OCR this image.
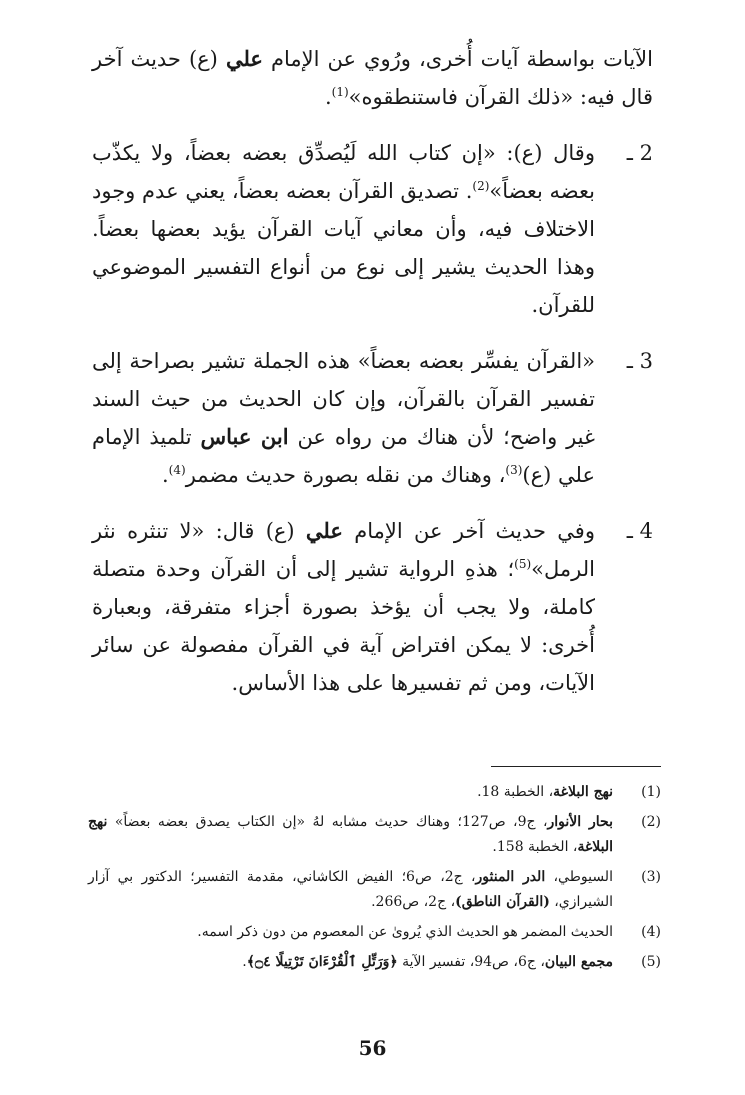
الآيات بواسطة آيات أُخرى، ورُوي عن الإمام علي (ع) حديث آخر قال فيه: «ذلك القرآن فاستنطقوه»$^{(1)}$.

2 ـ

وقال (ع): «إن كتاب الله لَيُصدِّق بعضه بعضاً، ولا يكذّب بعضه بعضاً»$^{(2)}$. تصديق القرآن بعضه بعضاً، يعني عدم وجود الاختلاف فيه، وأن معاني آيات القرآن يؤيد بعضها بعضاً. وهذا الحديث يشير إلى نوع من أنواع التفسير الموضوعي للقرآن.

3 ـ

«القرآن يفسِّر بعضه بعضاً» هذه الجملة تشير بصراحة إلى تفسير القرآن بالقرآن، وإن كان الحديث من حيث السند غير واضح؛ لأن هناك من رواه عن ابن عباس تلميذ الإمام علي (ع)$^{(3)}$، وهناك من نقله بصورة حديث مضمر$^{(4)}$.

4 ـ

وفي حديث آخر عن الإمام علي (ع) قال: «لا تنثره نثر الرمل»$^{(5)}$؛ هذهِ الرواية تشير إلى أن القرآن وحدة متصلة كاملة، ولا يجب أن يؤخذ بصورة أجزاء متفرقة، وبعبارة أُخرى: لا يمكن افتراض آية في القرآن مفصولة عن سائر الآيات، ومن ثم تفسيرها على هذا الأساس.

(1)
نهج البلاغة، الخطبة 18.
(2)
بحار الأنوار، ج9، ص127؛ وهناك حديث مشابه لهُ «إن الكتاب يصدق بعضه بعضاً» نهج البلاغة، الخطبة 158.
(3)
السيوطي، الدر المنثور، ج2، ص6؛ الفيض الكاشاني، مقدمة التفسير؛ الدكتور بي آزار الشيرازي، (القرآن الناطق)، ج2، ص266.
(4)
الحديث المضمر هو الحديث الذي يُروىٰ عن المعصوم من دون ذكر اسمه.
(5)
مجمع البيان، ج6، ص94، تفسير الآية ﴿وَرَتِّلِ ٱلْقُرْءَانَ تَرْتِيلًا ۝٤﴾.
56
